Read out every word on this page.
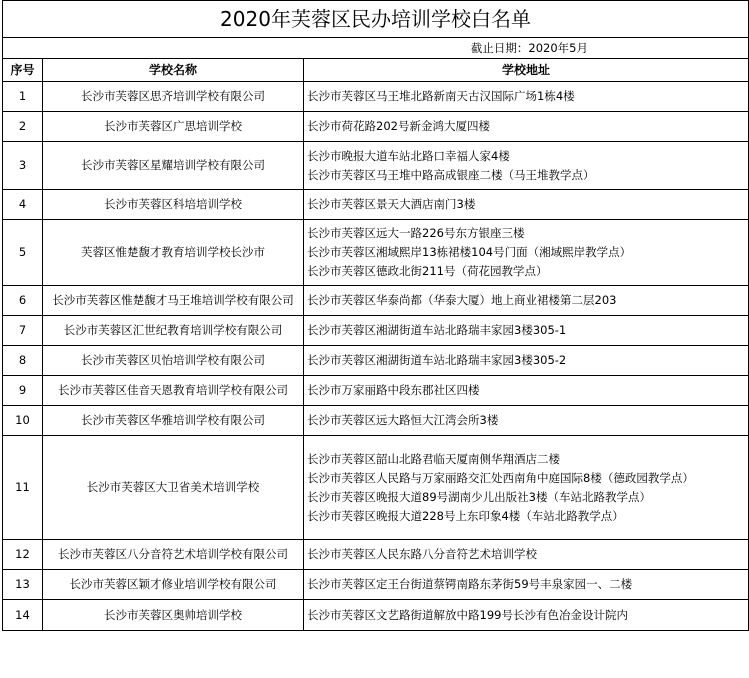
2020年芙蓉区民办培训学校白名单		
截止日期：2020年5月		
序号	学校名称	学校地址
1	长沙市芙蓉区思齐培训学校有限公司	长沙市芙蓉区马王堆北路新南天古汉国际广场1栋4楼

2	长沙市芙蓉区广思培训学校	长沙市荷花路202号新金鸿大厦四楼

3	长沙市芙蓉区星耀培训学校有限公司	长沙市晚报大道车站北路口幸福人家4楼
长沙市芙蓉区马王堆中路高成银座二楼（马王堆教学点）

4	长沙市芙蓉区科培培训学校	长沙市芙蓉区景天大酒店南门3楼

5	芙蓉区惟楚馥才教育培训学校长沙市	长沙市芙蓉区远大一路226号东方银座三楼
长沙市芙蓉区湘域熙岸13栋裙楼104号门面（湘域熙岸教学点）
长沙市芙蓉区德政北街211号（荷花园教学点）

6	长沙市芙蓉区惟楚馥才马王堆培训学校有限公司	长沙市芙蓉区华泰尚都（华泰大厦）地上商业裙楼第二层203

7	长沙市芙蓉区汇世纪教育培训学校有限公司	长沙市芙蓉区湘湖街道车站北路瑞丰家园3楼305-1

8	长沙市芙蓉区贝怡培训学校有限公司	长沙市芙蓉区湘湖街道车站北路瑞丰家园3楼305-2

9	长沙市芙蓉区佳音天恩教育培训学校有限公司	长沙市万家丽路中段东郡社区四楼

10	长沙市芙蓉区华雅培训学校有限公司	长沙市芙蓉区远大路恒大江湾会所3楼

11	长沙市芙蓉区大卫省美术培训学校	长沙市芙蓉区韶山北路君临天厦南侧华翔酒店二楼
长沙市芙蓉区人民路与万家丽路交汇处西南角中庭国际8楼（德政园教学点）
长沙市芙蓉区晚报大道89号湖南少儿出版社3楼（车站北路教学点）
长沙市芙蓉区晚报大道228号上东印象4楼（车站北路教学点）

12	长沙市芙蓉区八分音符艺术培训学校有限公司	长沙市芙蓉区人民东路八分音符艺术培训学校

13	长沙市芙蓉区颖才修业培训学校有限公司	长沙市芙蓉区定王台街道蔡锷南路东茅街59号丰泉家园一、二楼

14	长沙市芙蓉区奥帅培训学校	长沙市芙蓉区文艺路街道解放中路199号长沙有色冶金设计院内
